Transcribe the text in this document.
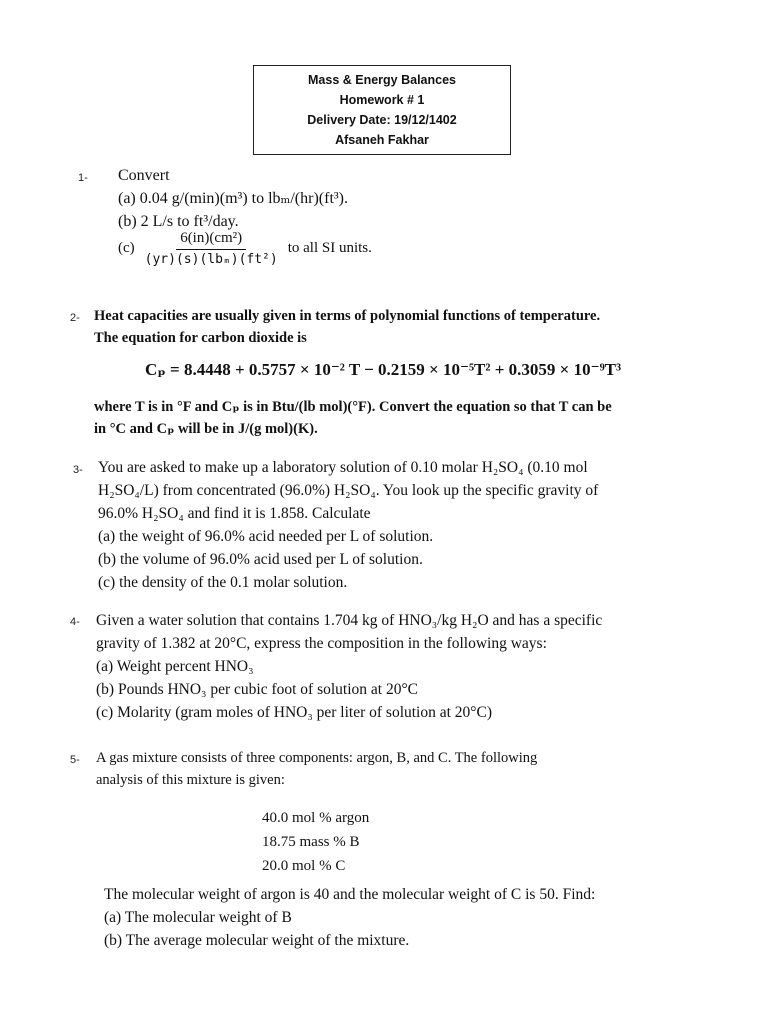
Mass & Energy Balances
Homework # 1
Delivery Date: 19/12/1402
Afsaneh Fakhar
1- Convert
(a) 0.04 g/(min)(m³) to lbₘ/(hr)(ft³).
(b) 2 L/s to ft³/day.
$(c) \frac{\text{6(in)(cm²)}}{\text{(yr)(s)(lbₘ)(ft²)}}$ to all SI units.
2- Heat capacities are usually given in terms of polynomial functions of temperature.
The equation for carbon dioxide is
Cₚ = 8.4448 + 0.5757 × 10⁻² T − 0.2159 × 10⁻⁵T² + 0.3059 × 10⁻⁹T³
where T is in °F and Cₚ is in Btu/(lb mol)(°F). Convert the equation so that T can be
in °C and Cₚ will be in J/(g mol)(K).
3- You are asked to make up a laboratory solution of 0.10 molar H₂SO₄ (0.10 mol
H₂SO₄/L) from concentrated (96.0%) H₂SO₄. You look up the specific gravity of
96.0% H₂SO₄ and find it is 1.858. Calculate
(a) the weight of 96.0% acid needed per L of solution.
(b) the volume of 96.0% acid used per L of solution.
(c) the density of the 0.1 molar solution.
4- Given a water solution that contains 1.704 kg of HNO₃/kg H₂O and has a specific
gravity of 1.382 at 20°C, express the composition in the following ways:
(a) Weight percent HNO₃
(b) Pounds HNO₃ per cubic foot of solution at 20°C
(c) Molarity (gram moles of HNO₃ per liter of solution at 20°C)
5- A gas mixture consists of three components: argon, B, and C. The following
analysis of this mixture is given:
40.0 mol % argon
18.75 mass % B
20.0 mol % C
The molecular weight of argon is 40 and the molecular weight of C is 50. Find:
(a) The molecular weight of B
(b) The average molecular weight of the mixture.
